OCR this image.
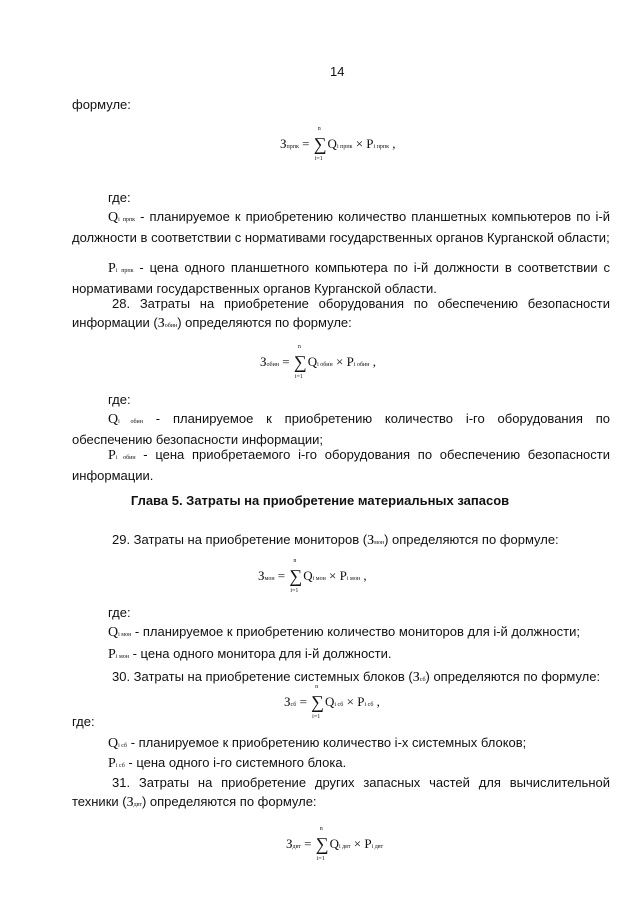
14
формуле:
Зпрпк = ∑
n
i=1
Qi прпк × Pi прпк ,
где:
Qi прпк - планируемое к приобретению количество планшетных компьютеров по i-й должности в соответствии с нормативами государственных органов Курганской области;
Pi прпк - цена одного планшетного компьютера по i-й должности в соответствии с нормативами государственных органов Курганской области.
28. Затраты на приобретение оборудования по обеспечению безопасности информации (Зобин) определяются по формуле:
Зобин = ∑
n
i=1
Qi обин × Pi обин ,
где:
Qi обин - планируемое к приобретению количество i-го оборудования по обеспечению безопасности информации;
Pi обин - цена приобретаемого i-го оборудования по обеспечению безопасности информации.
Глава 5. Затраты на приобретение материальных запасов
29. Затраты на приобретение мониторов (Змон) определяются по формуле:
Змон = ∑
n
i=1
Qi мон × Pi мон ,
где:
Qi мон - планируемое к приобретению количество мониторов для i-й должности;
Pi мон - цена одного монитора для i-й должности.
30. Затраты на приобретение системных блоков (Зсб) определяются по формуле:
Зсб = ∑
n
i=1
Qi сб × Pi сб ,
где:
Qi сб - планируемое к приобретению количество i-х системных блоков;
Pi сб - цена одного i-го системного блока.
31. Затраты на приобретение других запасных частей для вычислительной техники (Здвт) определяются по формуле:
Здвт = ∑
n
i=1
Qi двт × Pi двт
